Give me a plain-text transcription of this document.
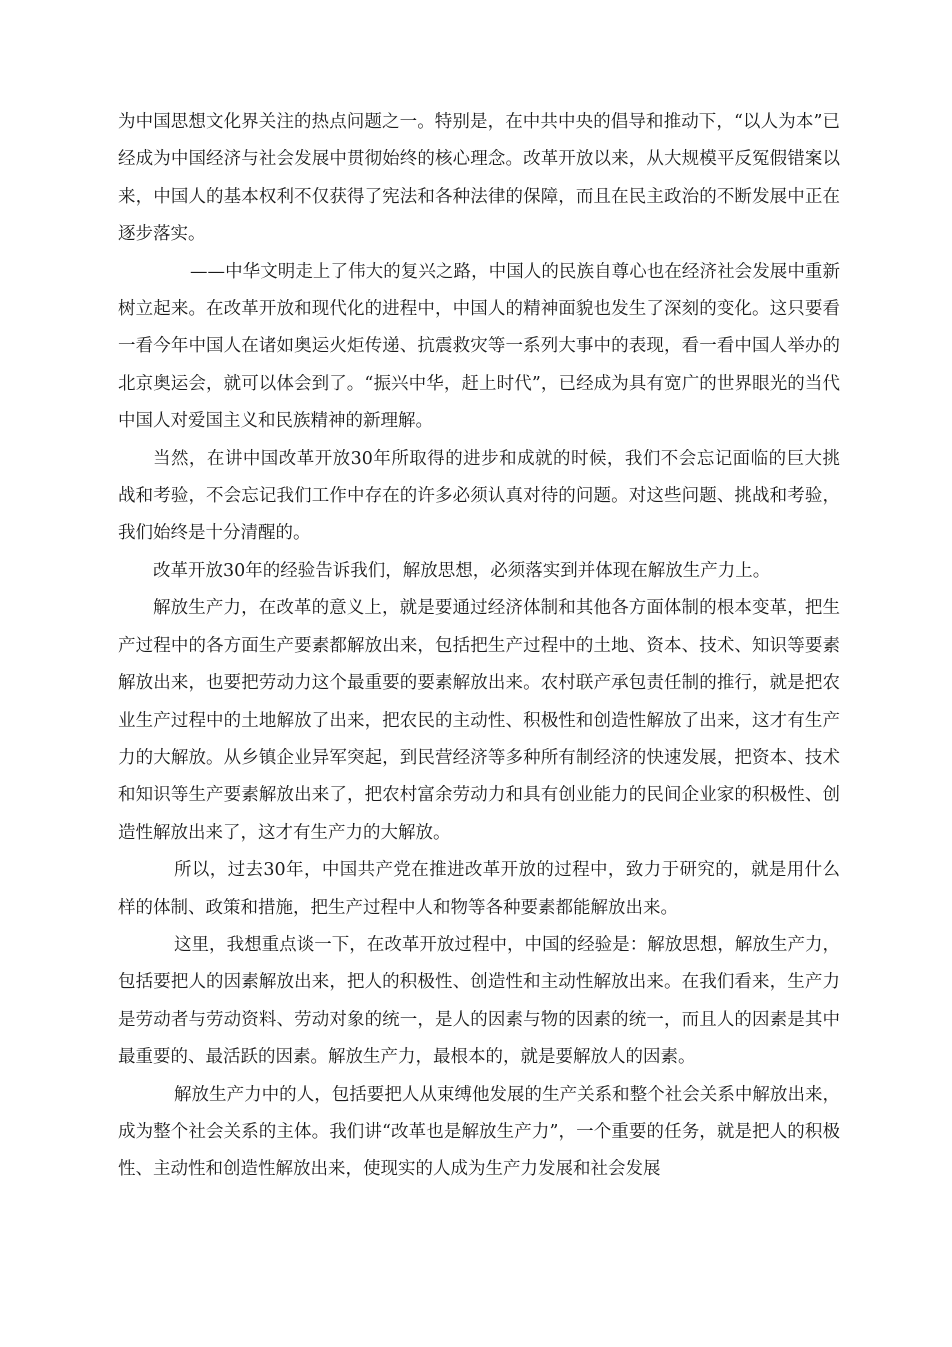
为中国思想文化界关注的热点问题之一。特别是，在中共中央的倡导和推动下，“以人为本”已经成为中国经济与社会发展中贯彻始终的核心理念。改革开放以来，从大规模平反冤假错案以来，中国人的基本权利不仅获得了宪法和各种法律的保障，而且在民主政治的不断发展中正在逐步落实。

——中华文明走上了伟大的复兴之路，中国人的民族自尊心也在经济社会发展中重新树立起来。在改革开放和现代化的进程中，中国人的精神面貌也发生了深刻的变化。这只要看一看今年中国人在诸如奥运火炬传递、抗震救灾等一系列大事中的表现，看一看中国人举办的北京奥运会，就可以体会到了。“振兴中华，赶上时代”，已经成为具有宽广的世界眼光的当代中国人对爱国主义和民族精神的新理解。

当然，在讲中国改革开放30年所取得的进步和成就的时候，我们不会忘记面临的巨大挑战和考验，不会忘记我们工作中存在的许多必须认真对待的问题。对这些问题、挑战和考验，我们始终是十分清醒的。

改革开放30年的经验告诉我们，解放思想，必须落实到并体现在解放生产力上。

解放生产力，在改革的意义上，就是要通过经济体制和其他各方面体制的根本变革，把生产过程中的各方面生产要素都解放出来，包括把生产过程中的土地、资本、技术、知识等要素解放出来，也要把劳动力这个最重要的要素解放出来。农村联产承包责任制的推行，就是把农业生产过程中的土地解放了出来，把农民的主动性、积极性和创造性解放了出来，这才有生产力的大解放。从乡镇企业异军突起，到民营经济等多种所有制经济的快速发展，把资本、技术和知识等生产要素解放出来了，把农村富余劳动力和具有创业能力的民间企业家的积极性、创造性解放出来了，这才有生产力的大解放。

所以，过去30年，中国共产党在推进改革开放的过程中，致力于研究的，就是用什么样的体制、政策和措施，把生产过程中人和物等各种要素都能解放出来。

这里，我想重点谈一下，在改革开放过程中，中国的经验是：解放思想，解放生产力，包括要把人的因素解放出来，把人的积极性、创造性和主动性解放出来。在我们看来，生产力是劳动者与劳动资料、劳动对象的统一，是人的因素与物的因素的统一，而且人的因素是其中最重要的、最活跃的因素。解放生产力，最根本的，就是要解放人的因素。

解放生产力中的人，包括要把人从束缚他发展的生产关系和整个社会关系中解放出来，成为整个社会关系的主体。我们讲“改革也是解放生产力”，一个重要的任务，就是把人的积极性、主动性和创造性解放出来，使现实的人成为生产力发展和社会发展
